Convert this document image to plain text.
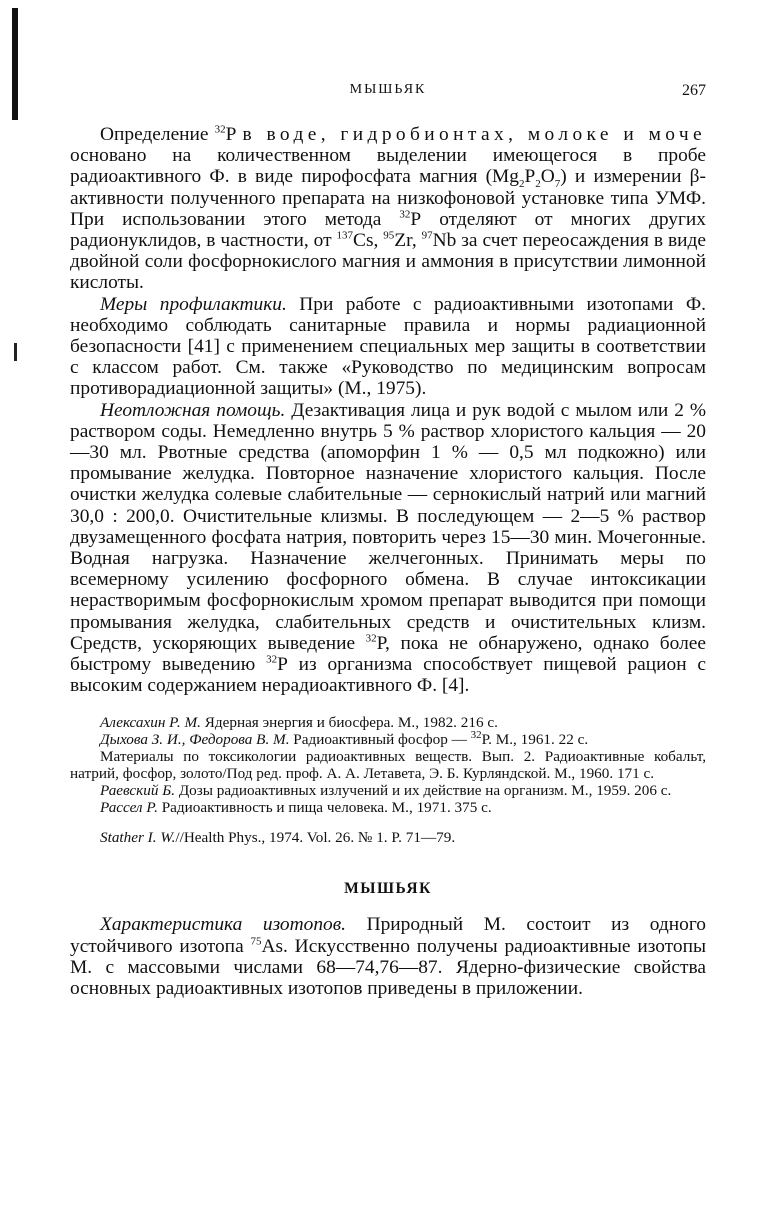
МЫШЬЯК	267

Определение $^{32}$Р в воде, гидробионтах, молоке и моче основано на количественном выделении имеющегося в пробе радиоактивного Ф. в виде пирофосфата магния $(Mg_2P_2O_7)$ и измерении β-активности полученного препарата на низкофоновой установке типа УМФ. При использовании этого метода $^{32}$Р отделяют от многих других радионуклидов, в частности, от $^{137}$Cs, $^{95}$Zr, $^{97}$Nb за счет переосаждения в виде двойной соли фосфорнокислого магния и аммония в присутствии лимонной кислоты.

Меры профилактики. При работе с радиоактивными изотопами Ф. необходимо соблюдать санитарные правила и нормы радиационной безопасности [41] с применением специальных мер защиты в соответствии с классом работ. См. также «Руководство по медицинским вопросам противорадиационной защиты» (М., 1975).

Неотложная помощь. Дезактивация лица и рук водой с мылом или 2 % раствором соды. Немедленно внутрь 5 % раствор хлористого кальция — 20—30 мл. Рвотные средства (апоморфин 1 % — 0,5 мл подкожно) или промывание желудка. Повторное назначение хлористого кальция. После очистки желудка солевые слабительные — сернокислый натрий или магний 30,0 : 200,0. Очистительные клизмы. В последующем — 2—5 % раствор двузамещенного фосфата натрия, повторить через 15—30 мин. Мочегонные. Водная нагрузка. Назначение желчегонных. Принимать меры по всемерному усилению фосфорного обмена. В случае интоксикации нерастворимым фосфорнокислым хромом препарат выводится при помощи промывания желудка, слабительных средств и очистительных клизм. Средств, ускоряющих выведение $^{32}$Р, пока не обнаружено, однако более быстрому выведению $^{32}$Р из организма способствует пищевой рацион с высоким содержанием нерадиоактивного Ф. [4].

Алексахин Р. М. Ядерная энергия и биосфера. М., 1982. 216 с.

Дыхова З. И., Федорова В. М. Радиоактивный фосфор — $^{32}$Р. М., 1961. 22 с.

Материалы по токсикологии радиоактивных веществ. Вып. 2. Радиоактивные кобальт, натрий, фосфор, золото/Под ред. проф. А. А. Летавета, Э. Б. Курляндской. М., 1960. 171 с.

Раевский Б. Дозы радиоактивных излучений и их действие на организм. М., 1959. 206 с.

Рассел Р. Радиоактивность и пища человека. М., 1971. 375 с.

Stather I. W.//Health Phys., 1974. Vol. 26. № 1. P. 71—79.

МЫШЬЯК

Характеристика изотопов. Природный М. состоит из одного устойчивого изотопа $^{75}$As. Искусственно получены радиоактивные изотопы М. с массовыми числами 68—74,76—87. Ядерно-физические свойства основных радиоактивных изотопов приведены в приложении.
